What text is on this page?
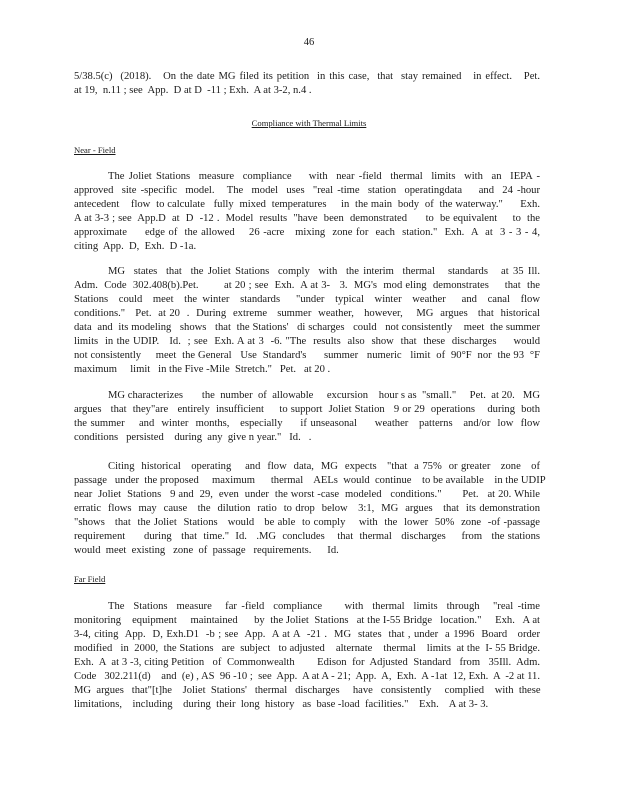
46
5/38.5(c)  (2018).   On the date MG filed its petition  in this case,  that  stay remained   in effect.   Pet.
at 19,  n.11 ; see  App.  D at D  -11 ; Exh.  A at 3-2, n.4 .
Compliance with Thermal Limits
Near - Field
The Joliet Stations  measure  compliance    with  near -field  thermal  limits  with  an  IEPA -
approved  site -specific  model.   The  model  uses  "real -time  station  operatingdata    and  24 -hour
antecedent    flow  to calculate   fully  mixed  temperatures     in  the main  body  of  the waterway."      Exh.
A at 3-3 ; see  App.D  at  D  -12 .  Model  results  "have  been  demonstrated      to  be equivalent     to  the
approximate     edge of  the allowed    26 -acre   mixing  zone for  each  station."  Exh.  A  at  3 - 3 - 4,
citing  App.  D,  Exh.  D -1a.
MG  states  that  the Joliet Stations  comply  with  the interim  thermal   standards   at 35 Ill.
Adm.  Code  302.408(b).Pet.        at 20 ; see  Exh.  A at 3-   3.  MG's  mod eling  demonstrates     that  the
Stations  could  meet  the winter  standards   "under  typical  winter  weather   and  canal  flow
conditions."   Pet.  at 20  .  During  extreme   summer  weather,   however,    MG  argues   that  historical
data  and  its modeling   shows   that  the Stations'   di scharges   could   not consistently    meet  the summer
limits  in the UDIP.   Id.  ; see  Exh. A at 3  -6. "The  results  also  show  that  these  discharges     would
not consistently     meet  the General   Use  Standard's      summer   numeric   limit  of  90°F  nor  the 93  °F
maximum     limit   in the Five -Mile  Stretch."   Pet.   at 20 .
MG characterizes       the  number  of  allowable     excursion    hour s as  "small."     Pet.  at 20.   MG
argues   that  they"are   entirely  insufficient     to support  Joliet Station   9 or 29  operations    during  both
the summer    and  winter  months,   especially     if unseasonal     weather   patterns   and/or  low  flow
conditions   persisted    during  any  give n year."   Id.   .
Citing  historical   operating    and  flow  data,  MG  expects   "that  a 75%  or greater   zone   of
passage   under  the proposed     maximum      thermal    AELs  would  continue    to be available    in the UDIP
near  Joliet  Stations   9 and  29,  even  under  the worst -case  modeled   conditions."       Pet.   at 20. While
erratic  flows  may  cause   the  dilution  ratio  to drop  below   3:1,  MG  argues   that  its demonstration
"shows   that  the Joliet  Stations   would   be able  to comply    with  the  lower  50%  zone  -of -passage
requirement      during   that  time."  Id.   .MG  concludes    that  thermal   discharges     from   the stations
would  meet  existing   zone  of  passage   requirements.      Id.
Far Field
The  Stations  measure   far -field  compliance     with  thermal  limits  through   "real -time
monitoring    equipment     maintained      by  the Joliet  Stations   at the I-55 Bridge   location."     Exh.   A at
3-4, citing  App.  D, Exh.D1  -b ; see  App.  A at A  -21 .  MG  states  that , under  a 1996  Board   order
modified   in  2000,  the Stations   are  subject   to adjusted    alternate    thermal    limits  at the  I- 55 Bridge.
Exh.  A  at 3 -3, citing Petition   of  Commonwealth        Edison  for  Adjusted  Standard   from   35Ill.  Adm.
Code   302.211(d)    and  (e) , AS  96 -10 ;  see  App.  A at A - 21;  App.  A,  Exh.  A -1at  12, Exh.  A  -2 at 11.
MG  argues   that"[t]he    Joliet  Stations'   thermal   discharges     have   consistently     complied    with  these
limitations,    including    during  their  long  history   as  base -load  facilities."    Exh.    A at 3- 3.
